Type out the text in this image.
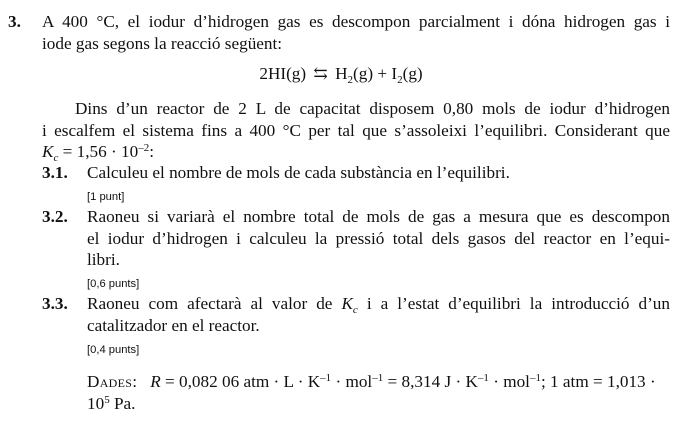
3. A 400 °C, el iodur d’hidrogen gas es descompon parcialment i dóna hidrogen gas i
iode gas segons la reacció següent:
2HI(g) ⇆ $H_2(g) + I_2(g)$
Dins d’un reactor de 2 L de capacitat disposem 0,80 mols de iodur d’hidrogen
i escalfem el sistema fins a 400 °C per tal que s’assoleixi l’equilibri. Considerant que
$K_c = 1,56 \cdot 10^{-2}$:
3.1. Calculeu el nombre de mols de cada substància en l’equilibri.
[1 punt]
3.2. Raoneu si variarà el nombre total de mols de gas a mesura que es descompon
el iodur d’hidrogen i calculeu la pressió total dels gasos del reactor en l’equi-
libri.
[0,6 punts]
3.3. Raoneu com afectarà al valor de $K_c$ i a l’estat d’equilibri la introducció d’un
catalitzador en el reactor.
[0,4 punts]
Dades: R = 0,082 06 atm · $L \cdot K^{-1} \cdot mol^{-1} = 8,314$ $J \cdot K^{-1} \cdot mol^{-1}$; 1 atm = 1,013 ·
$10^5$ Pa.
